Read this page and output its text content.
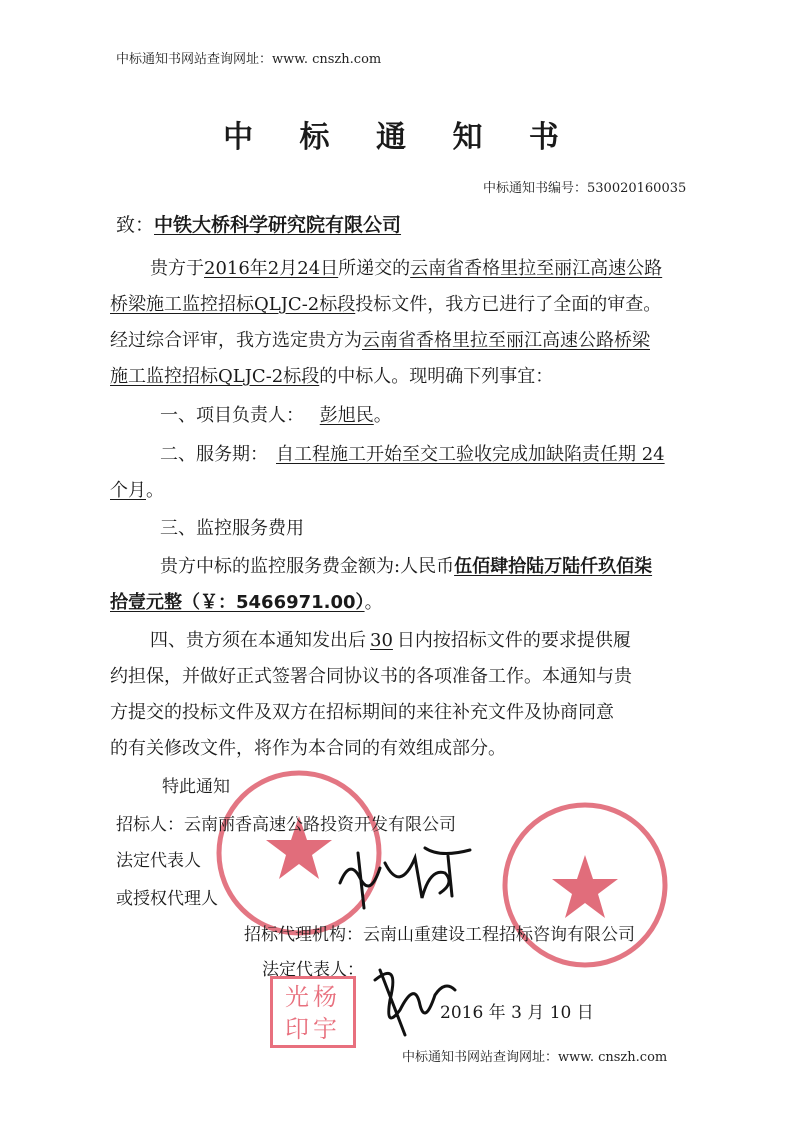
中标通知书网站查询网址：www. cnszh.com
中 标 通 知 书
中标通知书编号：530020160035
致：中铁大桥科学研究院有限公司
贵方于2016年2月24日所递交的云南省香格里拉至丽江高速公路
桥梁施工监控招标QLJC-2标段投标文件，我方已进行了全面的审查。
经过综合评审，我方选定贵方为云南省香格里拉至丽江高速公路桥梁
施工监控招标QLJC-2标段的中标人。现明确下列事宜：
一、项目负责人： 彭旭民。
二、服务期： 自工程施工开始至交工验收完成加缺陷责任期 24
个月。
三、监控服务费用
贵方中标的监控服务费金额为:人民币伍佰肆拾陆万陆仟玖佰柒
拾壹元整（￥：5466971.00）。
四、贵方须在本通知发出后 30 日内按招标文件的要求提供履
约担保，并做好正式签署合同协议书的各项准备工作。本通知与贵
方提交的投标文件及双方在招标期间的来往补充文件及协商同意
的有关修改文件，将作为本合同的有效组成部分。
特此通知
招标人：云南丽香高速公路投资开发有限公司
法定代表人
或授权代理人
招标代理机构：云南山重建设工程招标咨询有限公司
法定代表人：
光杨印宇
2016 年 3 月 10 日
中标通知书网站查询网址：www. cnszh.com
